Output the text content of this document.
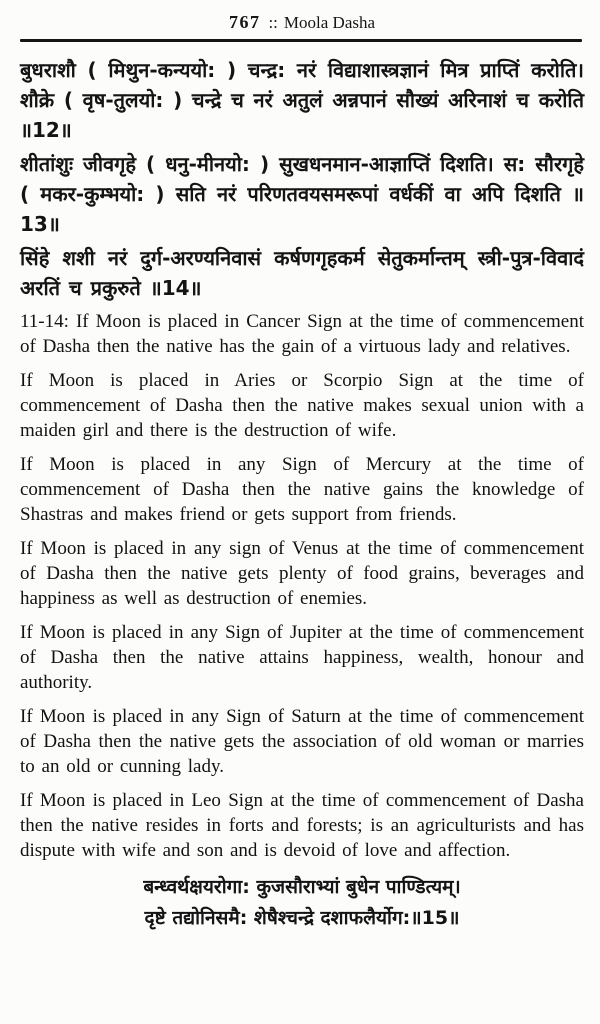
767 :: Moola Dasha

बुधराशौ ( मिथुन-कन्ययो: ) चन्द्र: नरं विद्याशास्त्रज्ञानं मित्र प्राप्तिं करोति। शौक्रे ( वृष-तुलयो: ) चन्द्रे च नरं अतुलं अन्नपानं सौख्यं अरिनाशं च करोति ॥12॥

शीतांशुः जीवगृहे ( धनु-मीनयो: ) सुखधनमान-आज्ञाप्तिं दिशति। स: सौरगृहे ( मकर-कुम्भयो: ) सति नरं परिणतवयसमरूपां वर्धकीं वा अपि दिशति ॥13॥

सिंहे शशी नरं दुर्ग-अरण्यनिवासं कर्षणगृहकर्म सेतुकर्मान्तम् स्त्री-पुत्र-विवादं अरतिं च प्रकुरुते ॥14॥

11-14: If Moon is placed in Cancer Sign at the time of commencement of Dasha then the native has the gain of a virtuous lady and relatives.

If Moon is placed in Aries or Scorpio Sign at the time of commencement of Dasha then the native makes sexual union with a maiden girl and there is the destruction of wife.

If Moon is placed in any Sign of Mercury at the time of commencement of Dasha then the native gains the knowledge of Shastras and makes friend or gets support from friends.

If Moon is placed in any sign of Venus at the time of commencement of Dasha then the native gets plenty of food grains, beverages and happiness as well as destruction of enemies.

If Moon is placed in any Sign of Jupiter at the time of commencement of Dasha then the native attains happiness, wealth, honour and authority.

If Moon is placed in any Sign of Saturn at the time of commencement of Dasha then the native gets the association of old woman or marries to an old or cunning lady.

If Moon is placed in Leo Sign at the time of commencement of Dasha then the native resides in forts and forests; is an agriculturists and has dispute with wife and son and is devoid of love and affection.

बन्ध्वर्थक्षयरोगा: कुजसौराभ्यां बुधेन पाण्डित्यम्।

दृष्टे तद्योनिसमै: शेषैश्चन्द्रे दशाफलैर्योग:॥15॥
